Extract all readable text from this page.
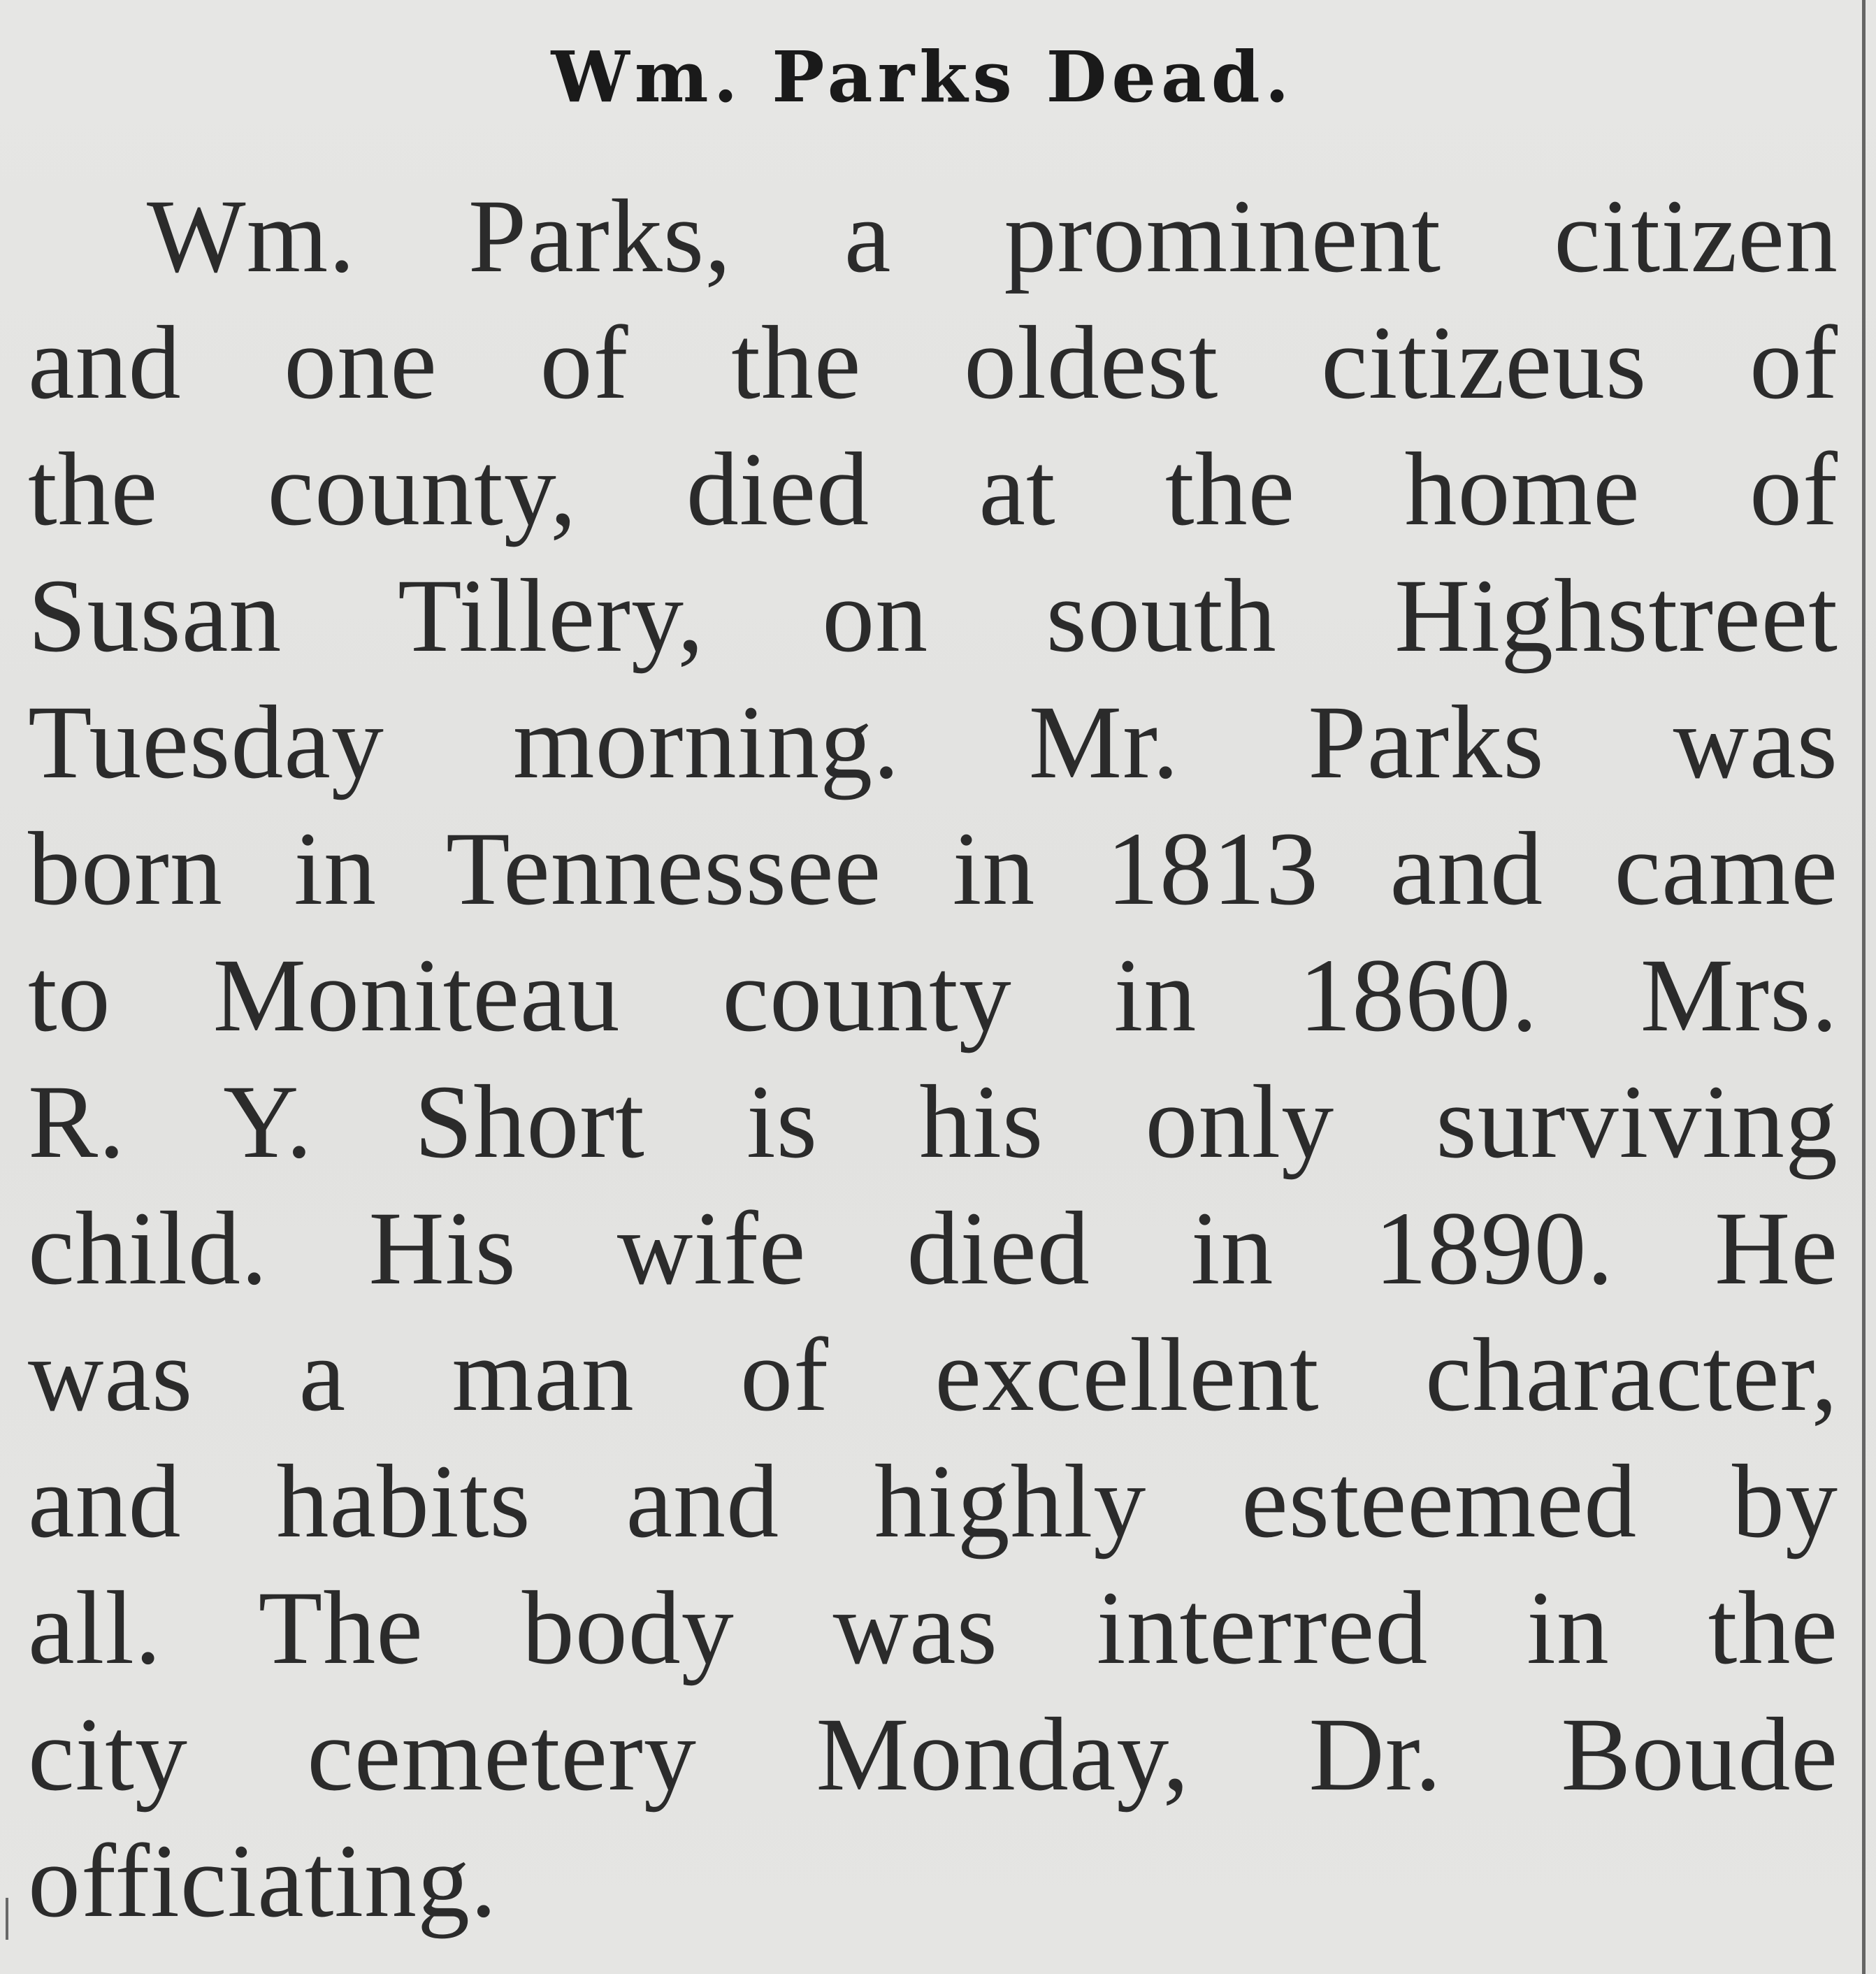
Wm. Parks Dead.
Wm. Parks, a prominent citizen
and one of the oldest citizeus of
the county, died at the home of
Susan Tillery, on south Highstreet
Tuesday morning. Mr. Parks was
born in Tennessee in 1813 and came
to Moniteau county in 1860. Mrs.
R. Y. Short is his only surviving
child. His wife died in 1890. He
was a man of excellent character,
and habits and highly esteemed by
all. The body was interred in the
city cemetery Monday, Dr. Boude
officiating.
